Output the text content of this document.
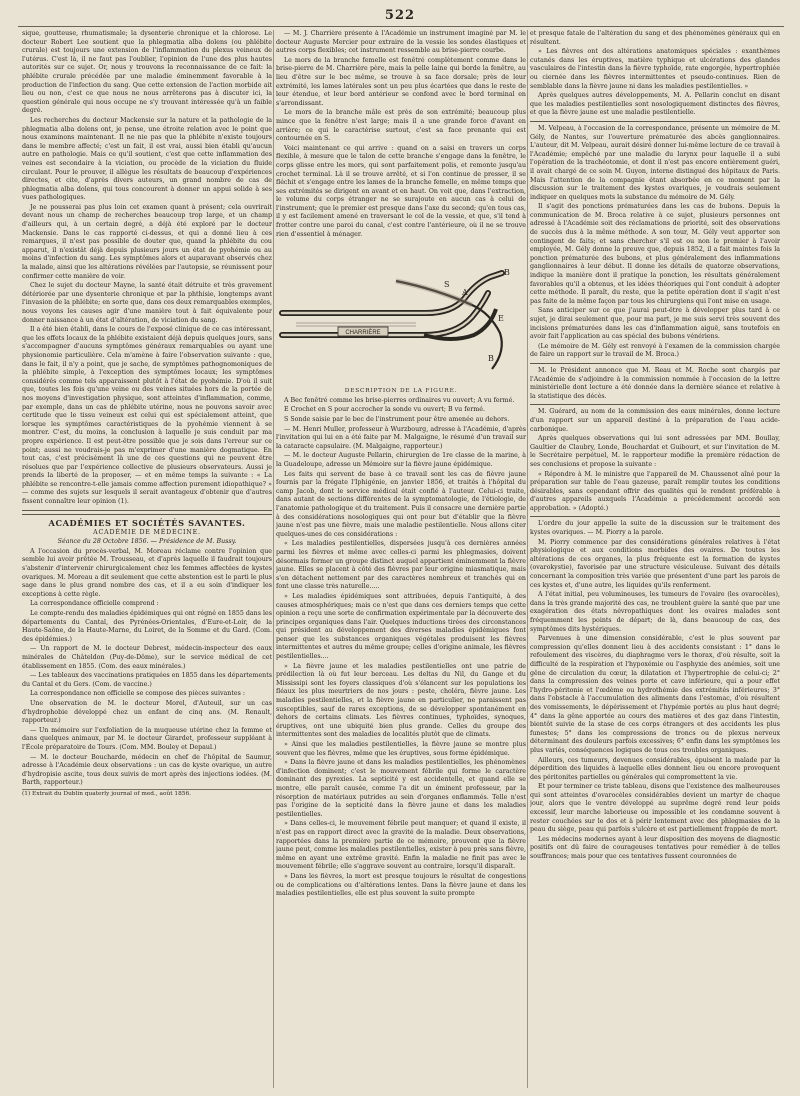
522

sique, goutteuse, rhumatismale; la dysenterie chronique et la chlorose. Le docteur Robert Lee soutient que la phlegmatia alba dolens (ou phlébite crurale) est toujours une extension de l'inflammation du plexus veineux de l'utérus. C'est là, il ne faut pas l'oublier, l'opinion de l'une des plus hautes autorités sur ce sujet. Or, nous y trouvons la reconnaissance de ce fait: la phlébite crurale précédée par une maladie éminemment favorable à la production de l'infection du sang. Que cette extension de l'action morbide ait lieu ou non, c'est ce que nous ne nous arrêterons pas à discuter ici, la question générale qui nous occupe ne s'y trouvant intéressée qu'à un faible degré.

Les recherches du docteur Mackensie sur la nature et la pathologie de la phlegmatia alba dolens ont, je pense, une étroite relation avec le point que nous examinons maintenant. Il ne nie pas que la phlébite n'existe toujours dans le membre affecté; c'est un fait, il est vrai, aussi bien établi qu'aucun autre en pathologie. Mais ce qu'il soutient, c'est que cette inflammation des veines est secondaire à la viciation, ou procède de la viciation du fluide circulant. Pour le prouver, il allègue les résultats de beaucoup d'expériences directes, et cite, d'après divers auteurs, un grand nombre de cas de phlegmatia alba dolens, qui tous concourent à donner un appui solide à ses vues pathologiques.

Je ne pousserai pas plus loin cet examen quant à présent; cela ouvrirait devant nous un champ de recherches beaucoup trop large, et un champ d'ailleurs qui, à un certain degré, a déjà été exploré par le docteur Mackensie. Dans le cas rapporté ci-dessus, et qui a donné lieu à ces remarques, il n'est pas possible de douter que, quand la phlébite du cou apparut, il n'existât déjà depuis plusieurs jours un état de pyohémie ou au moins d'infection du sang. Les symptômes alors et auparavant observés chez la malade, ainsi que les altérations révélées par l'autopsie, se réunissent pour confirmer cette manière de voir.

Chez le sujet du docteur Mayne, la santé était détruite et très gravement détériorée par une dysenterie chronique et par la phthisie, longtemps avant l'invasion de la phlébite; en sorte que, dans ces deux remarquables exemples, nous voyons les causes agir d'une manière tout à fait équivalente pour donner naissance à un état d'altération, de viciation du sang.

Il a été bien établi, dans le cours de l'exposé clinique de ce cas intéressant, que les effets locaux de la phlébite existaient déjà depuis quelques jours, sans s'accompagner d'aucuns symptômes généraux remarquables ou ayant une physionomie particulière. Cela m'amène à faire l'observation suivante : que, dans le fait, il n'y a point, que je sache, de symptômes pathognomoniques de la phlébite simple, à l'exception des symptômes locaux; les symptômes considérés comme tels apparaissent plutôt à l'état de pyohémie. D'où il suit que, toutes les fois qu'une veine ou des veines situées hors de la portée de nos moyens d'investigation physique, sont atteintes d'inflammation, comme, par exemple, dans un cas de phlébite utérine, nous ne pouvons savoir avec certitude que le tissu veineux est celui qui est spécialement atteint, que lorsque les symptômes caractéristiques de la pyohémie viennent à se montrer. C'est, du moins, la conclusion à laquelle je suis conduit par ma propre expérience. Il est peut-être possible que je sois dans l'erreur sur ce point; aussi ne voudrais-je pas m'exprimer d'une manière dogmatique. En tout cas, c'est précisément là une de ces questions qui ne peuvent être résolues que par l'expérience collective de plusieurs observateurs. Aussi je prends la liberté de la proposer, — et en même temps la suivante : « La phlébite se rencontre-t-elle jamais comme affection purement idiopathique? » — comme des sujets sur lesquels il serait avantageux d'obtenir que d'autres fissent connaître leur opinion (1).

ACADÉMIES ET SOCIÉTÉS SAVANTES.

ACADÉMIE DE MÉDECINE.

Séance du 28 Octobre 1856. — Présidence de M. Bussy.

A l'occasion du procès-verbal, M. Moreau réclame contre l'opinion que semble lui avoir prêtée M. Trousseau, et d'après laquelle il faudrait toujours s'abstenir d'intervenir chirurgicalement chez les femmes affectées de kystes ovariques. M. Moreau a dit seulement que cette abstention est le parti le plus sage dans le plus grand nombre des cas, et il a eu soin d'indiquer les exceptions à cette règle.

La correspondance officielle comprend :

Le compte-rendu des maladies épidémiques qui ont régné en 1855 dans les départements du Cantal, des Pyrénées-Orientales, d'Eure-et-Loir, de la Haute-Saône, de la Haute-Marne, du Loiret, de la Somme et du Gard. (Com. des épidémies.)

— Un rapport de M. le docteur Debrest, médecin-inspecteur des eaux minérales de Châteldon (Puy-de-Dôme), sur le service médical de cet établissement en 1855. (Com. des eaux minérales.)

— Les tableaux des vaccinations pratiquées en 1855 dans les départements du Cantal et du Gers. (Com. de vaccine.)

La correspondance non officielle se compose des pièces suivantes :

Une observation de M. le docteur Morel, d'Auteuil, sur un cas d'hydrophobie développé chez un enfant de cinq ans. (M. Renault, rapporteur.)

— Un mémoire sur l'exfoliation de la muqueuse utérine chez la femme et dans quelques animaux, par M. le docteur Girardet, professeur suppléant à l'École préparatoire de Tours. (Com. MM. Bouley et Depaul.)

— M. le docteur Boucharde, médecin en chef de l'hôpital de Saumur, adresse à l'Académie deux observations : un cas de kyste ovarique, un autre d'hydropisie ascite, tous deux suivis de mort après des injections iodées. (M. Barth, rapporteur.)

(1) Extrait du Dublin quaterly journal of med., août 1856.

— M. J. Charrière présente à l'Académie un instrument imaginé par M. le docteur Auguste Mercier pour extraire de la vessie les sondes élastiques et autres corps flexibles; cet instrument ressemble au brise-pierre courbe.

Le mors de la branche femelle est fenêtré complètement comme dans le brise-pierre de M. Charrière père, mais la pelle laine qui borde la fenêtre, au lieu d'être sur le bec même, se trouve à sa face dorsale; près de leur extrémité, les lames latérales sont un peu plus écartées que dans le reste de leur étendue, et leur bord antérieur se confond avec le bord terminal en s'arrondissant.

Le mors de la branche mâle est près de son extrémité; beaucoup plus mince que la fenêtre n'est large; mais il a une grande force d'avant en arrière; ce qui le caractérise surtout, c'est sa face prenante qui est contournée en S.

Voici maintenant ce qui arrive : quand on a saisi en travers un corps flexible, à mesure que le talon de cette branche s'engage dans la fenêtre, le corps glisse entre les mors, qui sont parfaitement polis, et remonte jusqu'au crochet terminal. Là il se trouve arrêté, et si l'on continue de presser, il se fléchit et s'engage entre les lames de la branche femelle, en même temps que ses extrémités se dirigent en avant et en haut. On voit que, dans l'extraction, le volume du corps étranger ne se surajoute en aucun cas à celui de l'instrument; que le premier est presque dans l'axe du second; qu'en tous cas, il y est facilement amené en traversant le col de la vessie, et que, s'il tend à frotter contre une paroi du canal, c'est contre l'antérieure, où il ne se trouve rien d'essentiel à ménager.

CHARRIÈRE
A
B
E
B
S

DESCRIPTION DE LA FIGURE.

A Bec fenêtré comme les brise-pierres ordinaires vu ouvert; A vu fermé.

E Crochet en S pour accrocher la sonde vu ouvert; B vu fermé.

S Sonde saisie par le bec de l'instrument pour être amenée au dehors.

— M. Henri Muller, professeur à Wurzbourg, adresse à l'Académie, d'après l'invitation qui lui en a été faite par M. Malgaigne, le résumé d'un travail sur la cataracte capsulaire. (M. Malgaigne, rapporteur.)

— M. le docteur Auguste Pellarin, chirurgien de 1re classe de la marine, à la Guadeloupe, adresse un Mémoire sur la fièvre jaune épidémique.

Les faits qui servent de base à ce travail sont les cas de fièvre jaune fournis par la frégate l'Iphigénie, en janvier 1856, et traités à l'hôpital du camp Jacob, dont le service médical était confié à l'auteur. Celui-ci traite, dans autant de sections différentes de la symptomatologie, de l'étiologie, de l'anatomie pathologique et du traitement. Puis il consacre une dernière partie à des considérations nosologiques qui ont pour but d'établir que la fièvre jaune n'est pas une fièvre, mais une maladie pestilentielle. Nous allons citer quelques-unes de ces considérations :

« Les maladies pestilentielles, dispersées jusqu'à ces dernières années parmi les fièvres et même avec celles-ci parmi les phlegmasies, doivent désormais former un groupe distinct auquel appartient éminemment la fièvre jaune. Elles se placent à côté des fièvres par leur origine miasmatique, mais s'en détachent nettement par des caractères nombreux et tranchés qui en font une classe très naturelle.....

» Les maladies épidémiques sont attribuées, depuis l'antiquité, à des causes atmosphériques; mais ce n'est que dans ces derniers temps que cette opinion a reçu une sorte de confirmation expérimentale par la découverte des principes organiques dans l'air. Quelques inductions tirées des circonstances qui président au développement des diverses maladies épidémiques font penser que les substances organiques végétales produisent les fièvres intermittentes et autres du même groupe; celles d'origine animale, les fièvres pestilentielles....

» La fièvre jaune et les maladies pestilentielles ont une patrie de prédilection là où fut leur berceau. Les deltas du Nil, du Gange et du Mississipi sont les foyers classiques d'où s'élancent sur les populations les fléaux les plus meurtriers de nos jours : peste, choléra, fièvre jaune. Les maladies pestilentielles, et la fièvre jaune en particulier, ne paraissent pas susceptibles, sauf de rares exceptions, de se développer spontanément en dehors de certains climats. Les fièvres continues, typhoïdes, synoques, éruptives, ont une ubiquité bien plus grande. Celles du groupe des intermittentes sont des maladies de localités plutôt que de climats.

» Ainsi que les maladies pestilentielles, la fièvre jaune se montre plus souvent que les fièvres, même que les éruptives, sous forme épidémique.

» Dans la fièvre jaune et dans les maladies pestilentielles, les phénomènes d'infection dominent; c'est le mouvement fébrile qui forme le caractère dominant des pyrexies. La septicité y est accidentelle, et quand elle se montre, elle paraît causée, comme l'a dit un éminent professeur, par la résorption de matériaux putrides au sein d'organes enflammés. Telle n'est pas l'origine de la septicité dans la fièvre jaune et dans les maladies pestilentielles.

» Dans celles-ci, le mouvement fébrile peut manquer; et quand il existe, il n'est pas en rapport direct avec la gravité de la maladie. Deux observations, rapportées dans la première partie de ce mémoire, prouvent que la fièvre jaune peut, comme les maladies pestilentielles, exister à peu près sans fièvre, même en ayant une extrême gravité. Enfin la maladie ne finit pas avec le mouvement fébrile; elle s'aggrave souvent au contraire, lorsqu'il disparaît.

» Dans les fièvres, la mort est presque toujours le résultat de congestions ou de complications ou d'altérations lentes. Dans la fièvre jaune et dans les maladies pestilentielles, elle est plus souvent la suite prompte

et presque fatale de l'altération du sang et des phénomènes généraux qui en résultent.

» Les fièvres ont des altérations anatomiques spéciales : exanthèmes cutanés dans les éruptives, matière typhique et ulcérations des glandes vasculaires de l'intestin dans la fièvre typhoïde, rate engorgée, hypertrophiée ou ciernée dans les fièvres intermittentes et pseudo-continues. Rien de semblable dans la fièvre jaune ni dans les maladies pestilentielles. »

Après quelques autres développements, M. A. Pellarin conclut en disant que les maladies pestilentielles sont nosologiquement distinctes des fièvres, et que la fièvre jaune est une maladie pestilentielle.

M. Velpeau, à l'occasion de la correspondance, présente un mémoire de M. Gély, de Nantes, sur l'ouverture prématurée des abcès ganglionnaires. L'auteur, dit M. Velpeau, aurait désiré donner lui-même lecture de ce travail à l'Académie; empêché par une maladie du larynx pour laquelle il a subi l'opération de la trachéotomie, et dont il n'est pas encore entièrement guéri, il avait chargé de ce soin M. Guyon, interne distingué des hôpitaux de Paris. Mais l'attention de la compagnie étant absorbée en ce moment par la discussion sur le traitement des kystes ovariques, je voudrais seulement indiquer en quelques mots la substance du mémoire de M. Gély.

Il s'agit des ponctions prématurées dans les cas de bubons. Depuis la communication de M. Broca relative à ce sujet, plusieurs personnes ont adressé à l'Académie soit des réclamations de priorité, soit des observations de succès dus à la même méthode. A son tour, M. Gély veut apporter son contingent de faits; et sans chercher s'il est ou non le premier à l'avoir employée, M. Gély donne la preuve que, depuis 1852, il a fait maintes fois la ponction prématurée des bubons, et plus généralement des inflammations ganglionnaires à leur début. Il donne les détails de quatorze observations, indique la manière dont il pratique la ponction, les résultats généralement favorables qu'il a obtenus, et les idées théoriques qui l'ont conduit à adopter cette méthode. Il paraît, du reste, que la petite opération dont il s'agit n'est pas faite de la même façon par tous les chirurgiens qui l'ont mise en usage.

Sans anticiper sur ce que j'aurai peut-être à développer plus tard à ce sujet, je dirai seulement que, pour ma part, je me suis servi très souvent des incisions prématurées dans les cas d'inflammation aiguë, sans toutefois en avoir fait l'application au cas spécial des bubons vénériens.

(Le mémoire de M. Gély est renvoyé à l'examen de la commission chargée de faire un rapport sur le travail de M. Broca.)

M. le Président annonce que M. Reau et M. Roche sont chargés par l'Académie de s'adjoindre à la commission nommée à l'occasion de la lettre ministérielle dont lecture a été donnée dans la dernière séance et relative à la statistique des décès.

M. Guérard, au nom de la commission des eaux minérales, donne lecture d'un rapport sur un appareil destiné à la préparation de l'eau acide-carbonique.

Après quelques observations qui lui sont adressées par MM. Boullay, Gaultier de Claubry, Londe, Bouchardat et Guibourt, et sur l'invitation de M. le Secrétaire perpétuel, M. le rapporteur modifie la première rédaction de ses conclusions et propose la suivante :

« Répondre à M. le ministre que l'appareil de M. Chaussenot aîné pour la préparation sur table de l'eau gazeuse, paraît remplir toutes les conditions désirables, sans cependant offrir des qualités qui le rendent préférable à d'autres appareils auxquels l'Académie a précédemment accordé son approbation. » (Adopté.)

L'ordre du jour appelle la suite de la discussion sur le traitement des kystes ovariques. — M. Piorry a la parole.

M. Piorry commence par des considérations générales relatives à l'état physiologique et aux conditions morbides des ovaires. De toutes les altérations de ces organes, la plus fréquente est la formation de kystes (ovarokystie), favorisée par une structure vésiculeuse. Suivant des détails concernant la composition très variée que présentent d'une part les parois de ces kystes et, d'une autre, les liquides qu'ils renferment.

A l'état initial, peu volumineuses, les tumeurs de l'ovaire (les ovarocèles), dans la très grande majorité des cas, ne troublent guère la santé que par une exagération des états névropathiques dont les ovaires malades sont fréquemment les points de départ; de là, dans beaucoup de cas, des symptômes dits hystériques.

Parvenues à une dimension considérable, c'est le plus souvent par compression qu'elles donnent lieu à des accidents consistant : 1° dans le refoulement des viscères, du diaphragme vers le thorax, d'où résulte, soit la difficulté de la respiration et l'hypoxémie ou l'asphyxie des anémies, soit une gêne de circulation du cœur, la dilatation et l'hypertrophie de celui-ci; 2° dans la compression des veines porte et cave inférieure, qui a pour effet l'hydro-péritonie et l'œdème ou hydrothémie des extrémités inférieures; 3° dans l'obstacle à l'accumulation des aliments dans l'estomac, d'où résultent des vomissements, le dépérissement et l'hypémie portés au plus haut degré; 4° dans la gêne apportée au cours des matières et des gaz dans l'intestin, bientôt suivie de la stase de ces corps étrangers et des accidents les plus funestes; 5° dans les compressions de troncs ou de plexus nerveux déterminant des douleurs parfois excessives; 6° enfin dans les symptômes les plus variés, conséquences logiques de tous ces troubles organiques.

Ailleurs, ces tumeurs, devenues considérables, épuisent la malade par la déperdition des liquides à laquelle elles donnent lieu ou encore provoquent des péritonites partielles ou générales qui compromettent la vie.

Et pour terminer ce triste tableau, disons que l'existence des malheureuses qui sont atteintes d'ovarocèles considérables devient un martyr de chaque jour, alors que le ventre développé au suprême degré rend leur poids excessif, leur marche laborieuse ou impossible et les condamne souvent à rester couchées sur le dos et à périr lentement avec des phlegmasies de la peau du siège, peau qui parfois s'ulcère et est partiellement frappée de mort.

Les médecins modernes ayant à leur disposition des moyens de diagnostic positifs ont dû faire de courageuses tentatives pour remédier à de telles souffrances; mais pour que ces tentatives fussent couronnées de
